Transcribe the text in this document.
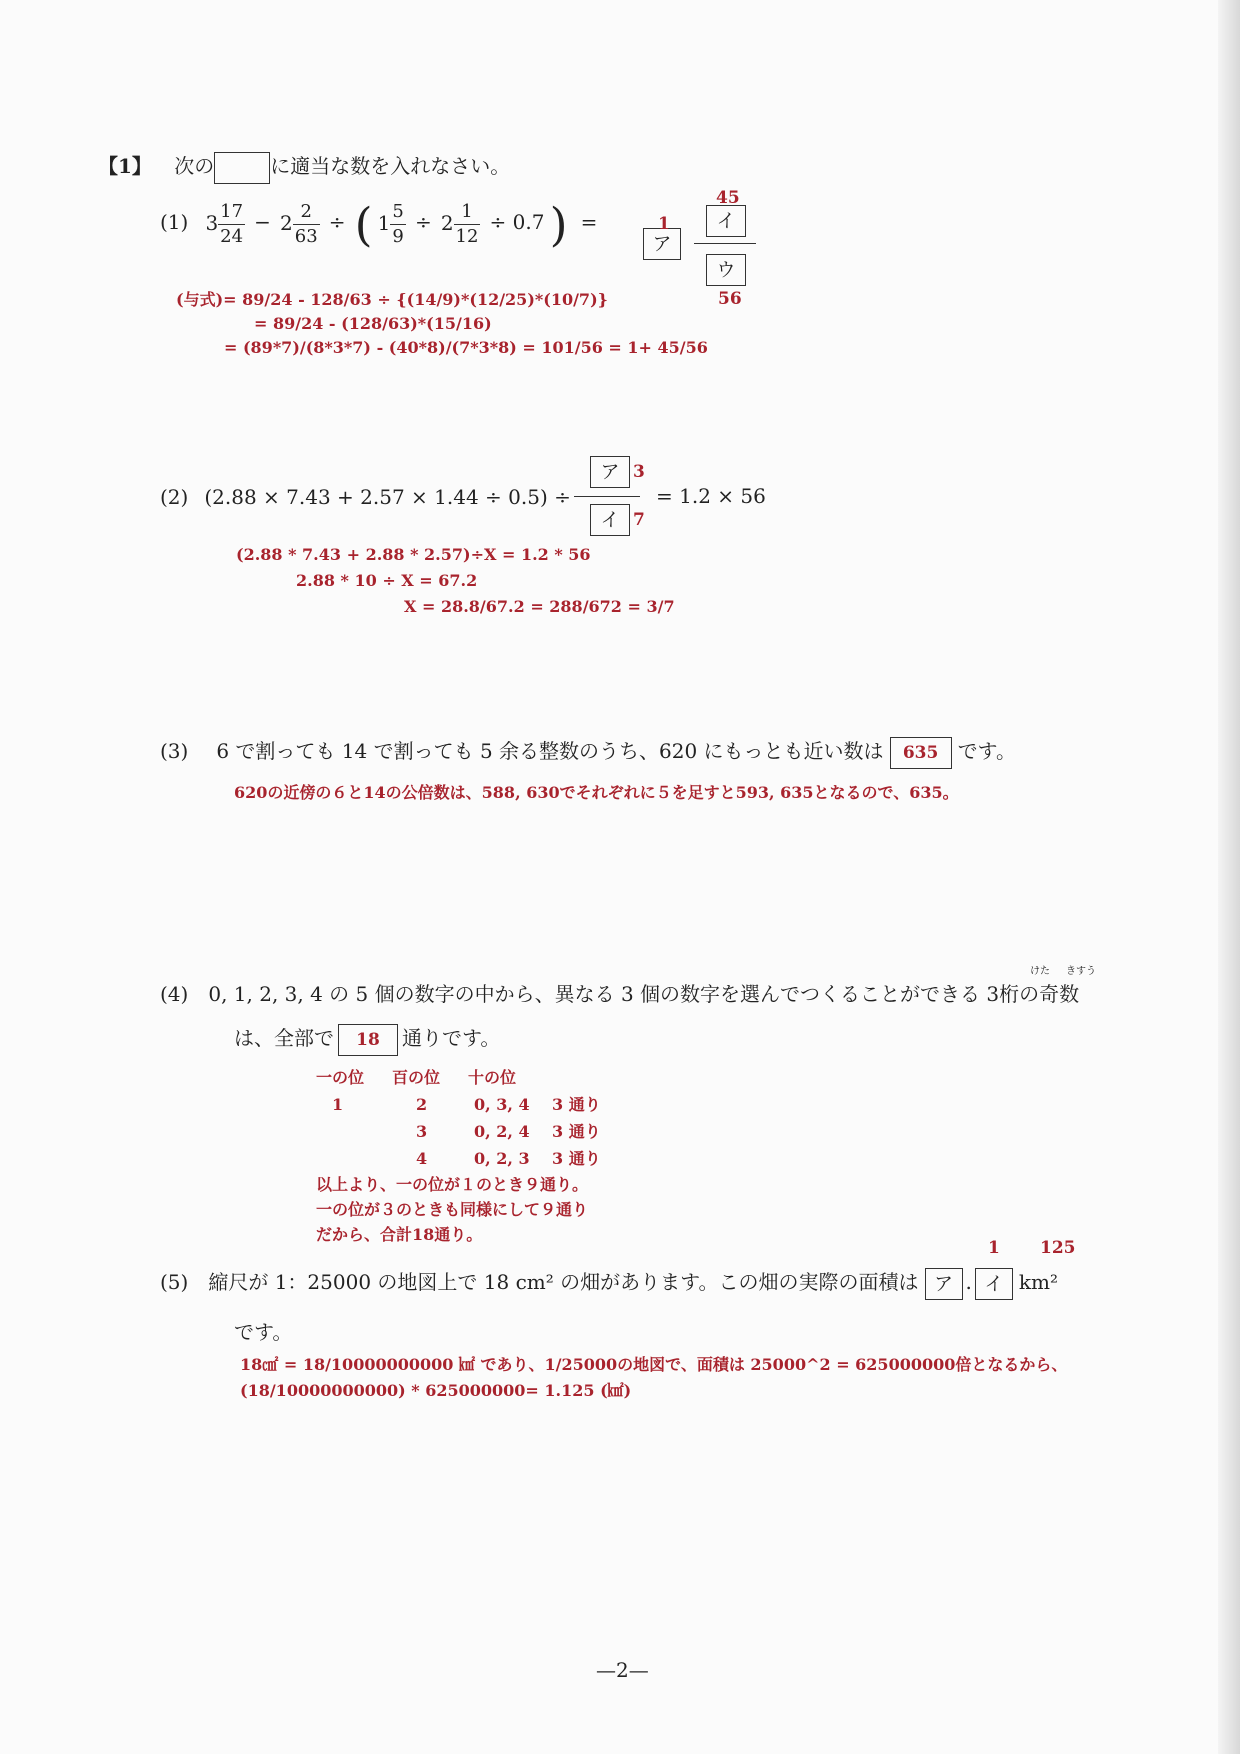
【1】 次の	に適当な数を入れなさい。
(1) $3 \frac{17}{24} - 2 \frac{2}{63}$ ÷ ( $1 \frac{5}{9} \div 2 \frac{1}{12} \div 0.7$ ) =
ア
1
45
イ
ウ
56
(与式)= 89/24 - 128/63 ÷ {(14/9)*(12/25)*(10/7)}
= 89/24 - (128/63)*(15/16)
= (89*7)/(8*3*7) - (40*8)/(7*3*8) = 101/56 = 1+ 45/56
(2) (2.88 × 7.43 + 2.57 × 1.44 ÷ 0.5) ÷
ア 3
イ 7
= 1.2 × 56
(2.88 * 7.43 + 2.88 * 2.57)÷X = 1.2 * 56
2.88 * 10 ÷ X = 67.2
X = 28.8/67.2 = 288/672 = 3/7
(3) 6 で割っても 14 で割っても 5 余る整数のうち、620 にもっとも近い数は 635 です。
620の近傍の６と14の公倍数は、588, 630でそれぞれに５を足すと593, 635となるので、635。
けた きすう
(4) 0, 1, 2, 3, 4 の 5 個の数字の中から、異なる 3 個の数字を選んでつくることができる 3桁の奇数
は、全部で 18 通りです。
一の位	百の位	十の位	
1	2	0, 3, 4	3 通り
	3	0, 2, 4	3 通り
	4	0, 2, 3	3 通り
以上より、一の位が１のとき９通り。
一の位が３のときも同様にして９通り
だから、合計18通り。
1 125
(5) 縮尺が 1：25000 の地図上で 18 cm² の畑があります。この畑の実際の面積は ア . イ km²
です。
18㎠ = 18/10000000000 ㎢ であり、1/25000の地図で、面積は 25000^2 = 625000000倍となるから、
(18/10000000000) * 625000000= 1.125 (㎢)
—2—
